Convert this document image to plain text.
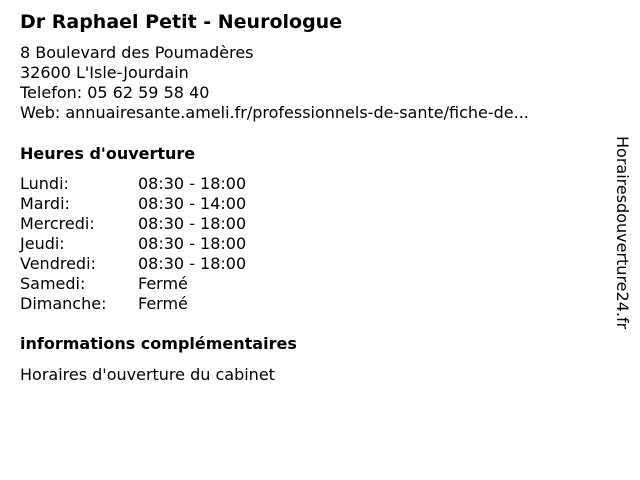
Dr Raphael Petit - Neurologue
8 Boulevard des Poumadères
32600 L'Isle-Jourdain
Telefon: 05 62 59 58 40
Web: annuairesante.ameli.fr/professionnels-de-sante/fiche-de...
Heures d'ouverture
Lundi:	08:30 - 18:00
Mardi:	08:30 - 14:00
Mercredi:	08:30 - 18:00
Jeudi:	08:30 - 18:00
Vendredi:	08:30 - 18:00
Samedi:	Fermé
Dimanche: Fermé
informations complémentaires
Horaires d'ouverture du cabinet
Horairesdouverture24.fr
